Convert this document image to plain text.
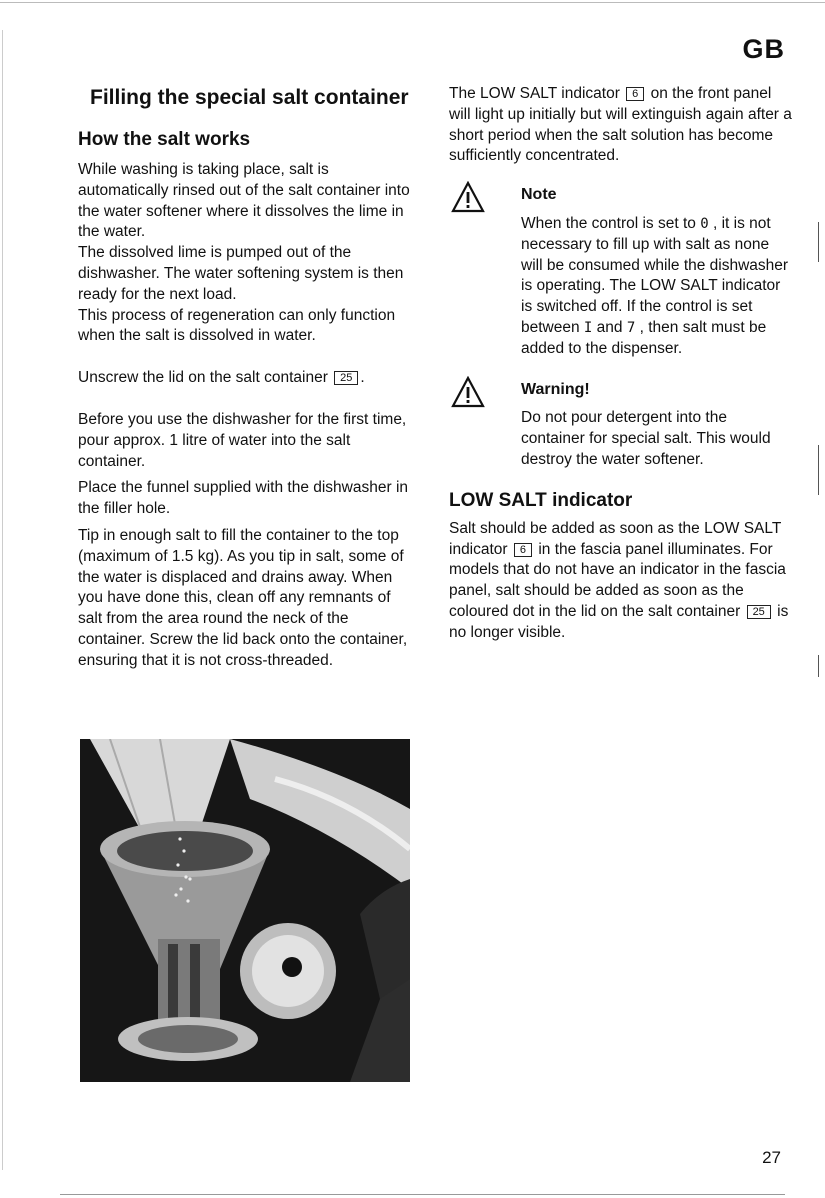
GB
Filling the special salt container
How the salt works

While washing is taking place, salt is automatically rinsed out of the salt container into the water softener where it dissolves the lime in the water.

The dissolved lime is pumped out of the dishwasher. The water softening system is then ready for the next load.

This process of regeneration can only function when the salt is dissolved in water.

Unscrew the lid on the salt container 25 .

Before you use the dishwasher for the first time, pour approx. 1 litre of water into the salt container.

Place the funnel supplied with the dishwasher in the filler hole.

Tip in enough salt to fill the container to the top (maximum of 1.5 kg). As you tip in salt, some of the water is displaced and drains away. When you have done this, clean off any remnants of salt from the area round the neck of the container. Screw the lid back onto the container, ensuring that it is not cross-threaded.

The LOW SALT indicator 6 on the front panel will light up initially but will extinguish again after a short period when the salt solution has become sufficiently concentrated.

Note

When the control is set to 0 , it is not necessary to fill up with salt as none will be consumed while the dishwasher is operating. The LOW SALT indicator is switched off. If the control is set between I and 7 , then salt must be added to the dispenser.

Warning!

Do not pour detergent into the container for special salt. This would destroy the water softener.

LOW SALT indicator

Salt should be added as soon as the LOW SALT indicator 6 in the fascia panel illuminates. For models that do not have an indicator in the fascia panel, salt should be added as soon as the coloured dot in the lid on the salt container 25 is no longer visible.

27
